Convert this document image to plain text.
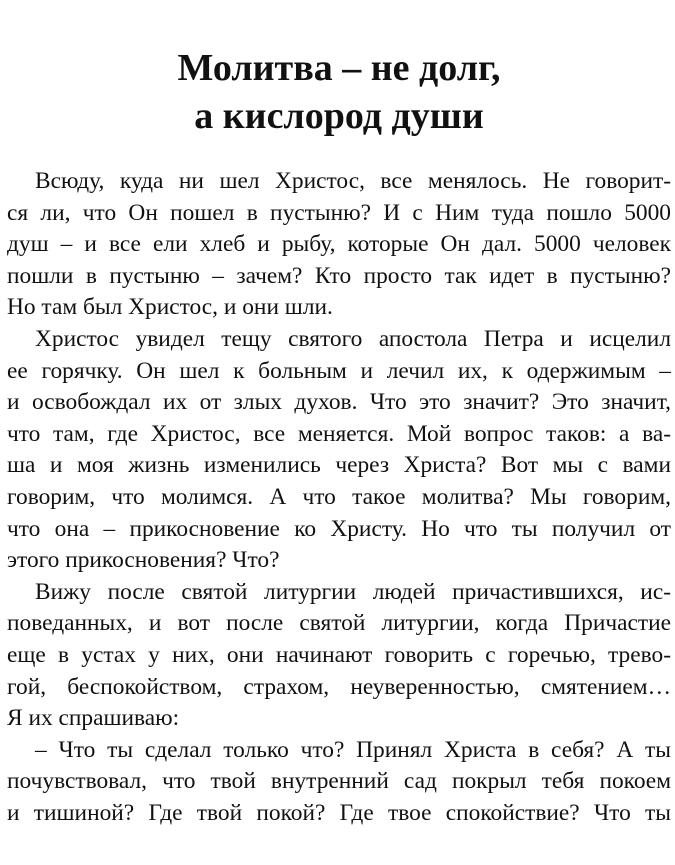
Молитва – не долг,
а кислород души

Всюду, куда ни шел Христос, все менялось. Не говорит-
ся ли, что Он пошел в пустыню? И с Ним туда пошло 5000
душ – и все ели хлеб и рыбу, которые Он дал. 5000 человек
пошли в пустыню – зачем? Кто просто так идет в пустыню?
Но там был Христос, и они шли.

Христос увидел тещу святого апостола Петра и исцелил
ее горячку. Он шел к больным и лечил их, к одержимым –
и освобождал их от злых духов. Что это значит? Это значит,
что там, где Христос, все меняется. Мой вопрос таков: а ва-
ша и моя жизнь изменились через Христа? Вот мы с вами
говорим, что молимся. А что такое молитва? Мы говорим,
что она – прикосновение ко Христу. Но что ты получил от
этого прикосновения? Что?

Вижу после святой литургии людей причастившихся, ис-
поведанных, и вот после святой литургии, когда Причастие
еще в устах у них, они начинают говорить с горечью, трево-
гой, беспокойством, страхом, неуверенностью, смятением…
Я их спрашиваю:

– Что ты сделал только что? Принял Христа в себя? А ты
почувствовал, что твой внутренний сад покрыл тебя покоем
и тишиной? Где твой покой? Где твое спокойствие? Что ты
